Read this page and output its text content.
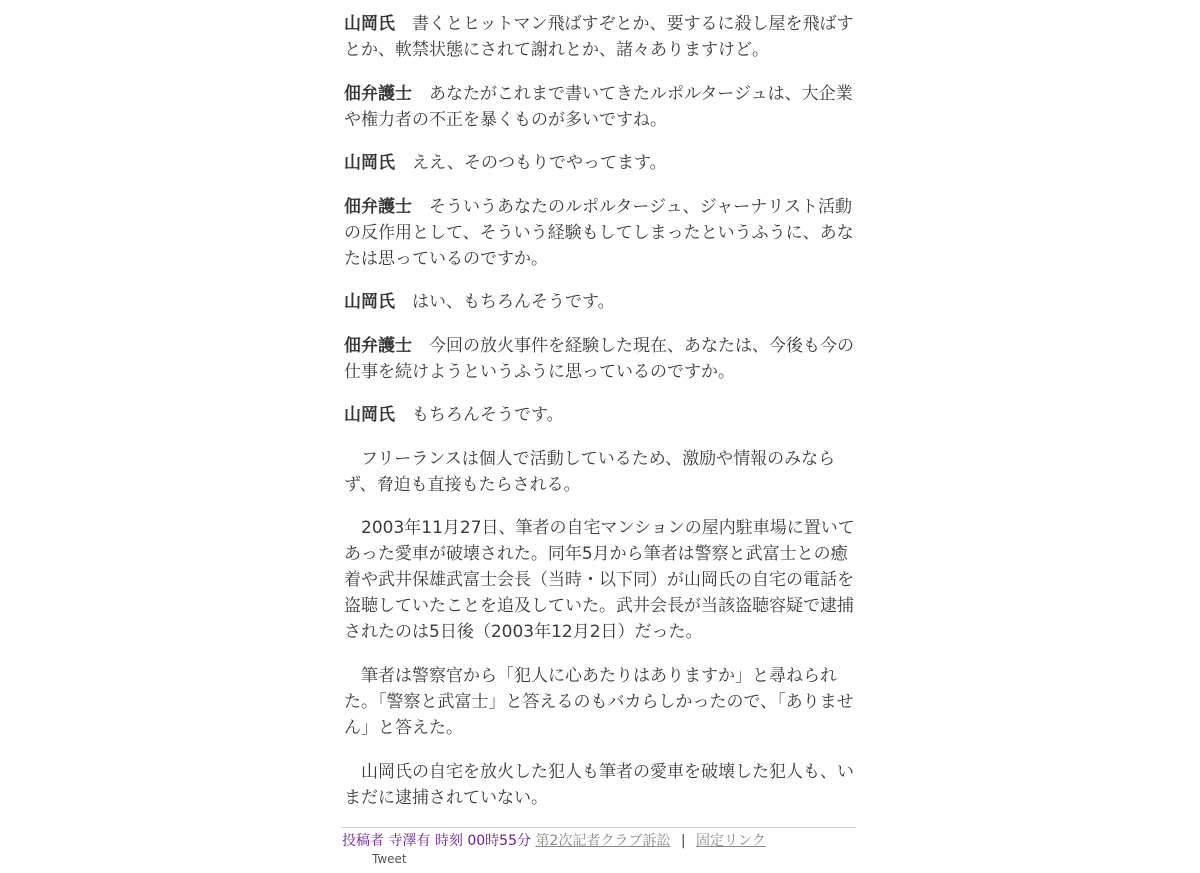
山岡氏　 書くとヒットマン飛ばすぞとか、要するに殺し屋を飛ばすとか、軟禁状態にされて謝れとか、諸々ありますけど。

佃弁護士　 あなたがこれまで書いてきたルポルタージュは、大企業や権力者の不正を暴くものが多いですね。

山岡氏　 ええ、そのつもりでやってます。

佃弁護士　 そういうあなたのルポルタージュ、ジャーナリスト活動の反作用として、そういう経験もしてしまったというふうに、あなたは思っているのですか。

山岡氏　 はい、もちろんそうです。

佃弁護士　 今回の放火事件を経験した現在、あなたは、今後も今の仕事を続けようというふうに思っているのですか。

山岡氏　 もちろんそうです。

　フリーランスは個人で活動しているため、激励や情報のみならず、脅迫も直接もたらされる。

　2003年11月27日、筆者の自宅マンションの屋内駐車場に置いてあった愛車が破壊された。同年5月から筆者は警察と武富士との癒着や武井保雄武富士会長（当時・以下同）が山岡氏の自宅の電話を盗聴していたことを追及していた。武井会長が当該盗聴容疑で逮捕されたのは5日後（2003年12月2日）だった。

　筆者は警察官から「犯人に心あたりはありますか」と尋ねられた。「警察と武富士」と答えるのもバカらしかったので、「ありません」と答えた。

　山岡氏の自宅を放火した犯人も筆者の愛車を破壊した犯人も、いまだに逮捕されていない。

投稿者 寺澤有 時刻 00時55分 第2次記者クラブ訴訟 | 固定リンク
Tweet
